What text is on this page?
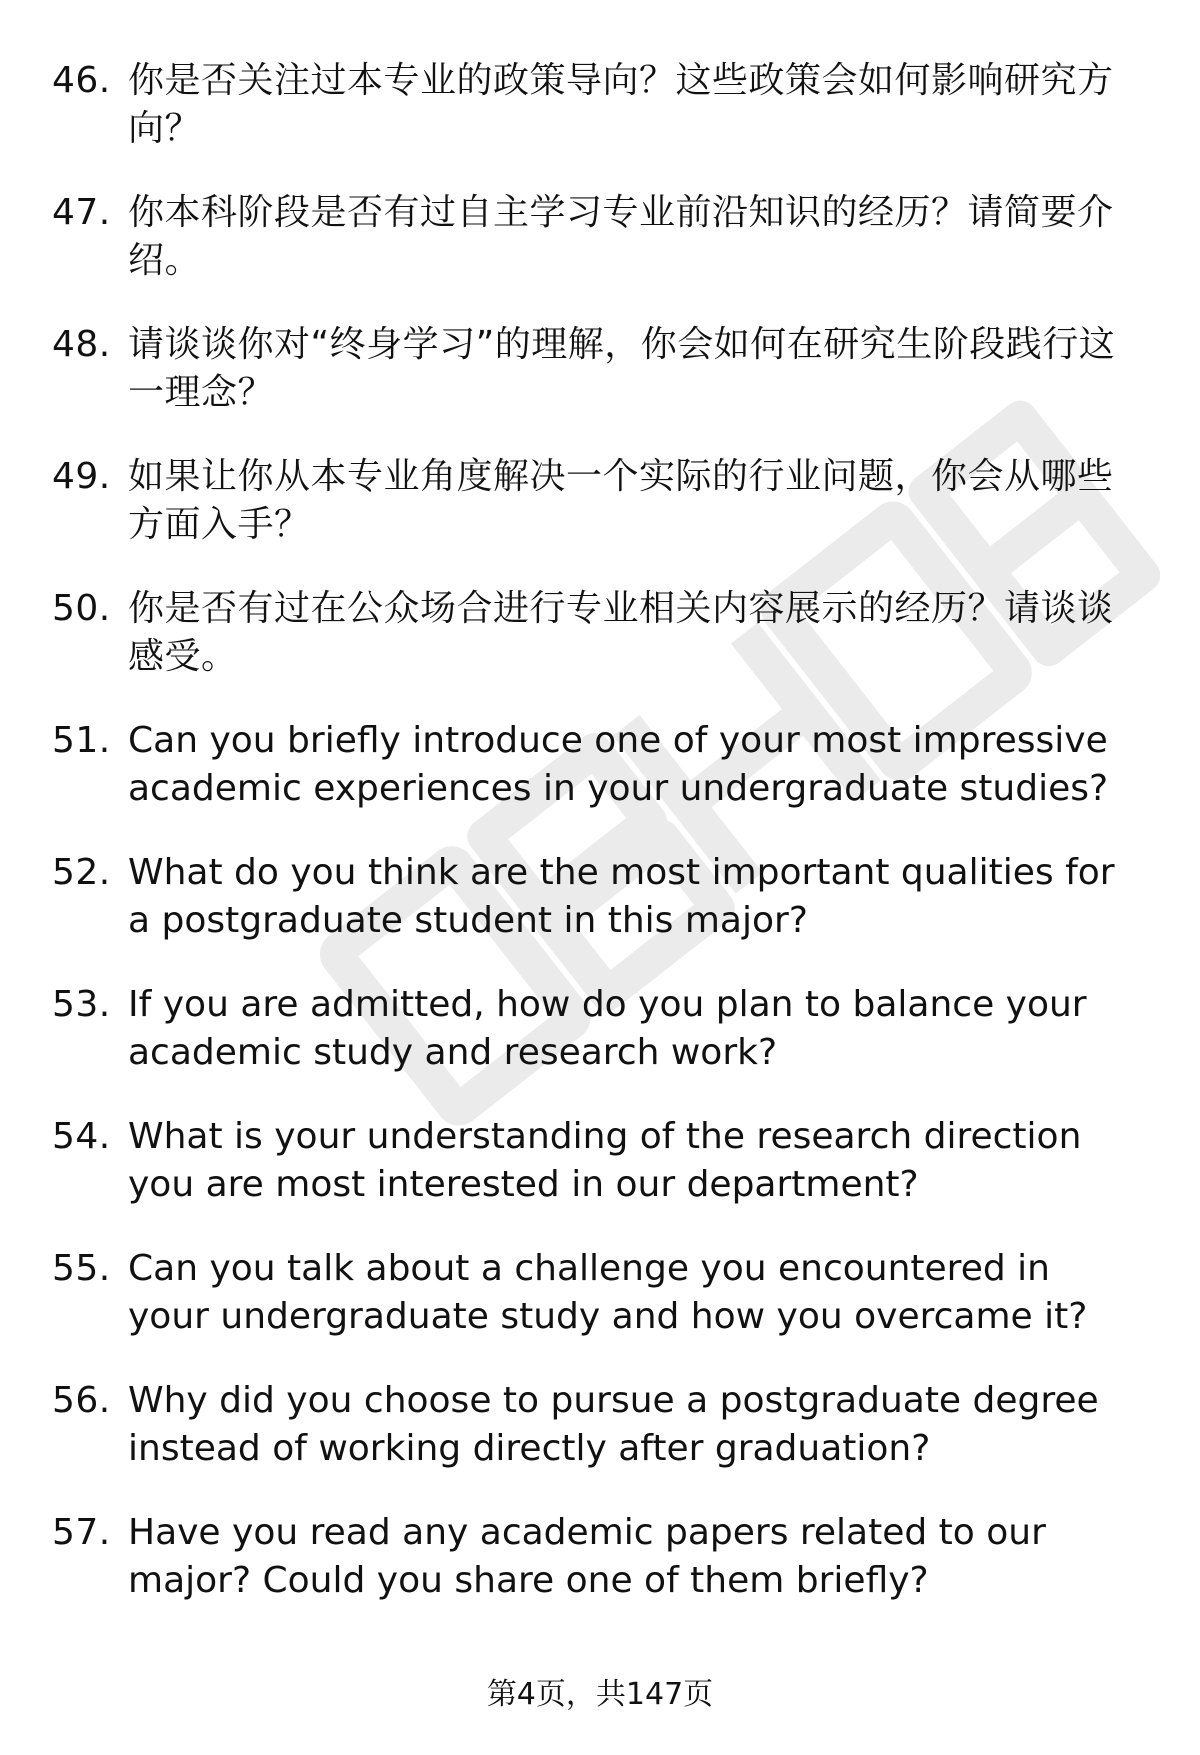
46. 你是否关注过本专业的政策导向？这些政策会如何影响研究方向？
47. 你本科阶段是否有过自主学习专业前沿知识的经历？请简要介绍。
48. 请谈谈你对“终身学习”的理解，你会如何在研究生阶段践行这一理念？
49. 如果让你从本专业角度解决一个实际的行业问题，你会从哪些方面入手？
50. 你是否有过在公众场合进行专业相关内容展示的经历？请谈谈感受。
51. Can you briefly introduce one of your most impressive academic experiences in your undergraduate studies?
52. What do you think are the most important qualities for a postgraduate student in this major?
53. If you are admitted, how do you plan to balance your academic study and research work?
54. What is your understanding of the research direction you are most interested in our department?
55. Can you talk about a challenge you encountered in your undergraduate study and how you overcame it?
56. Why did you choose to pursue a postgraduate degree instead of working directly after graduation?
57. Have you read any academic papers related to our major? Could you share one of them briefly?
第4页，共147页
